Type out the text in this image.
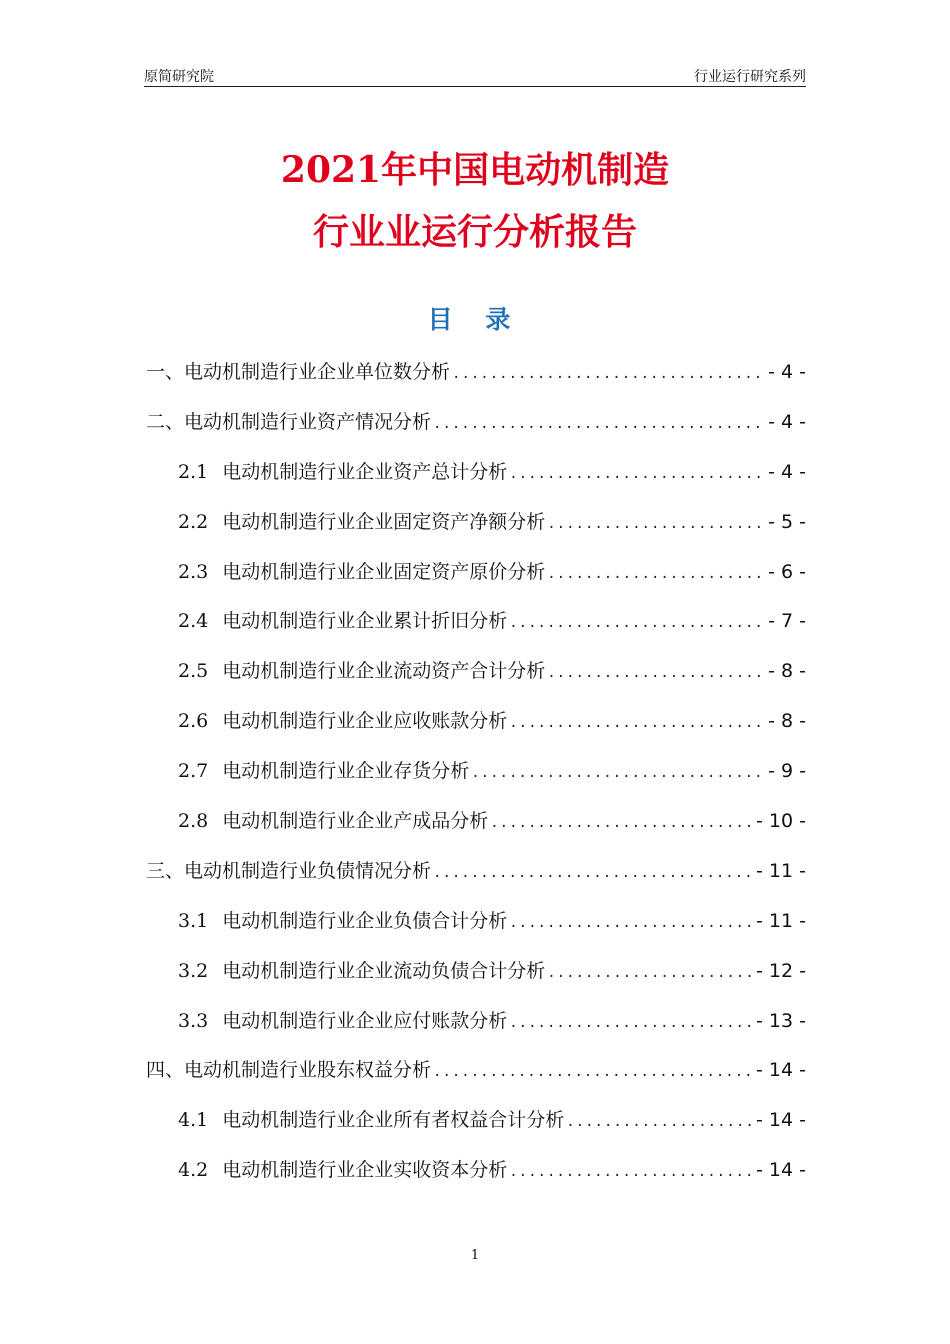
原简研究院	行业运行研究系列
2021年中国电动机制造
行业业运行分析报告
目 录
一、电动机制造行业企业单位数分析 .....	- 4 -
二、电动机制造行业资产情况分析 .....	- 4 -
2.1 电动机制造行业企业资产总计分析 .....	- 4 -
2.2 电动机制造行业企业固定资产净额分析 .....	- 5 -
2.3 电动机制造行业企业固定资产原价分析 .....	- 6 -
2.4 电动机制造行业企业累计折旧分析 .....	- 7 -
2.5 电动机制造行业企业流动资产合计分析 .....	- 8 -
2.6 电动机制造行业企业应收账款分析 .....	- 8 -
2.7 电动机制造行业企业存货分析 .....	- 9 -
2.8 电动机制造行业企业产成品分析 .....	- 10 -
三、电动机制造行业负债情况分析 .....	- 11 -
3.1 电动机制造行业企业负债合计分析 .....	- 11 -
3.2 电动机制造行业企业流动负债合计分析 .....	- 12 -
3.3 电动机制造行业企业应付账款分析 .....	- 13 -
四、电动机制造行业股东权益分析 .....	- 14 -
4.1 电动机制造行业企业所有者权益合计分析 .....	- 14 -
4.2 电动机制造行业企业实收资本分析 .....	- 14 -
1
